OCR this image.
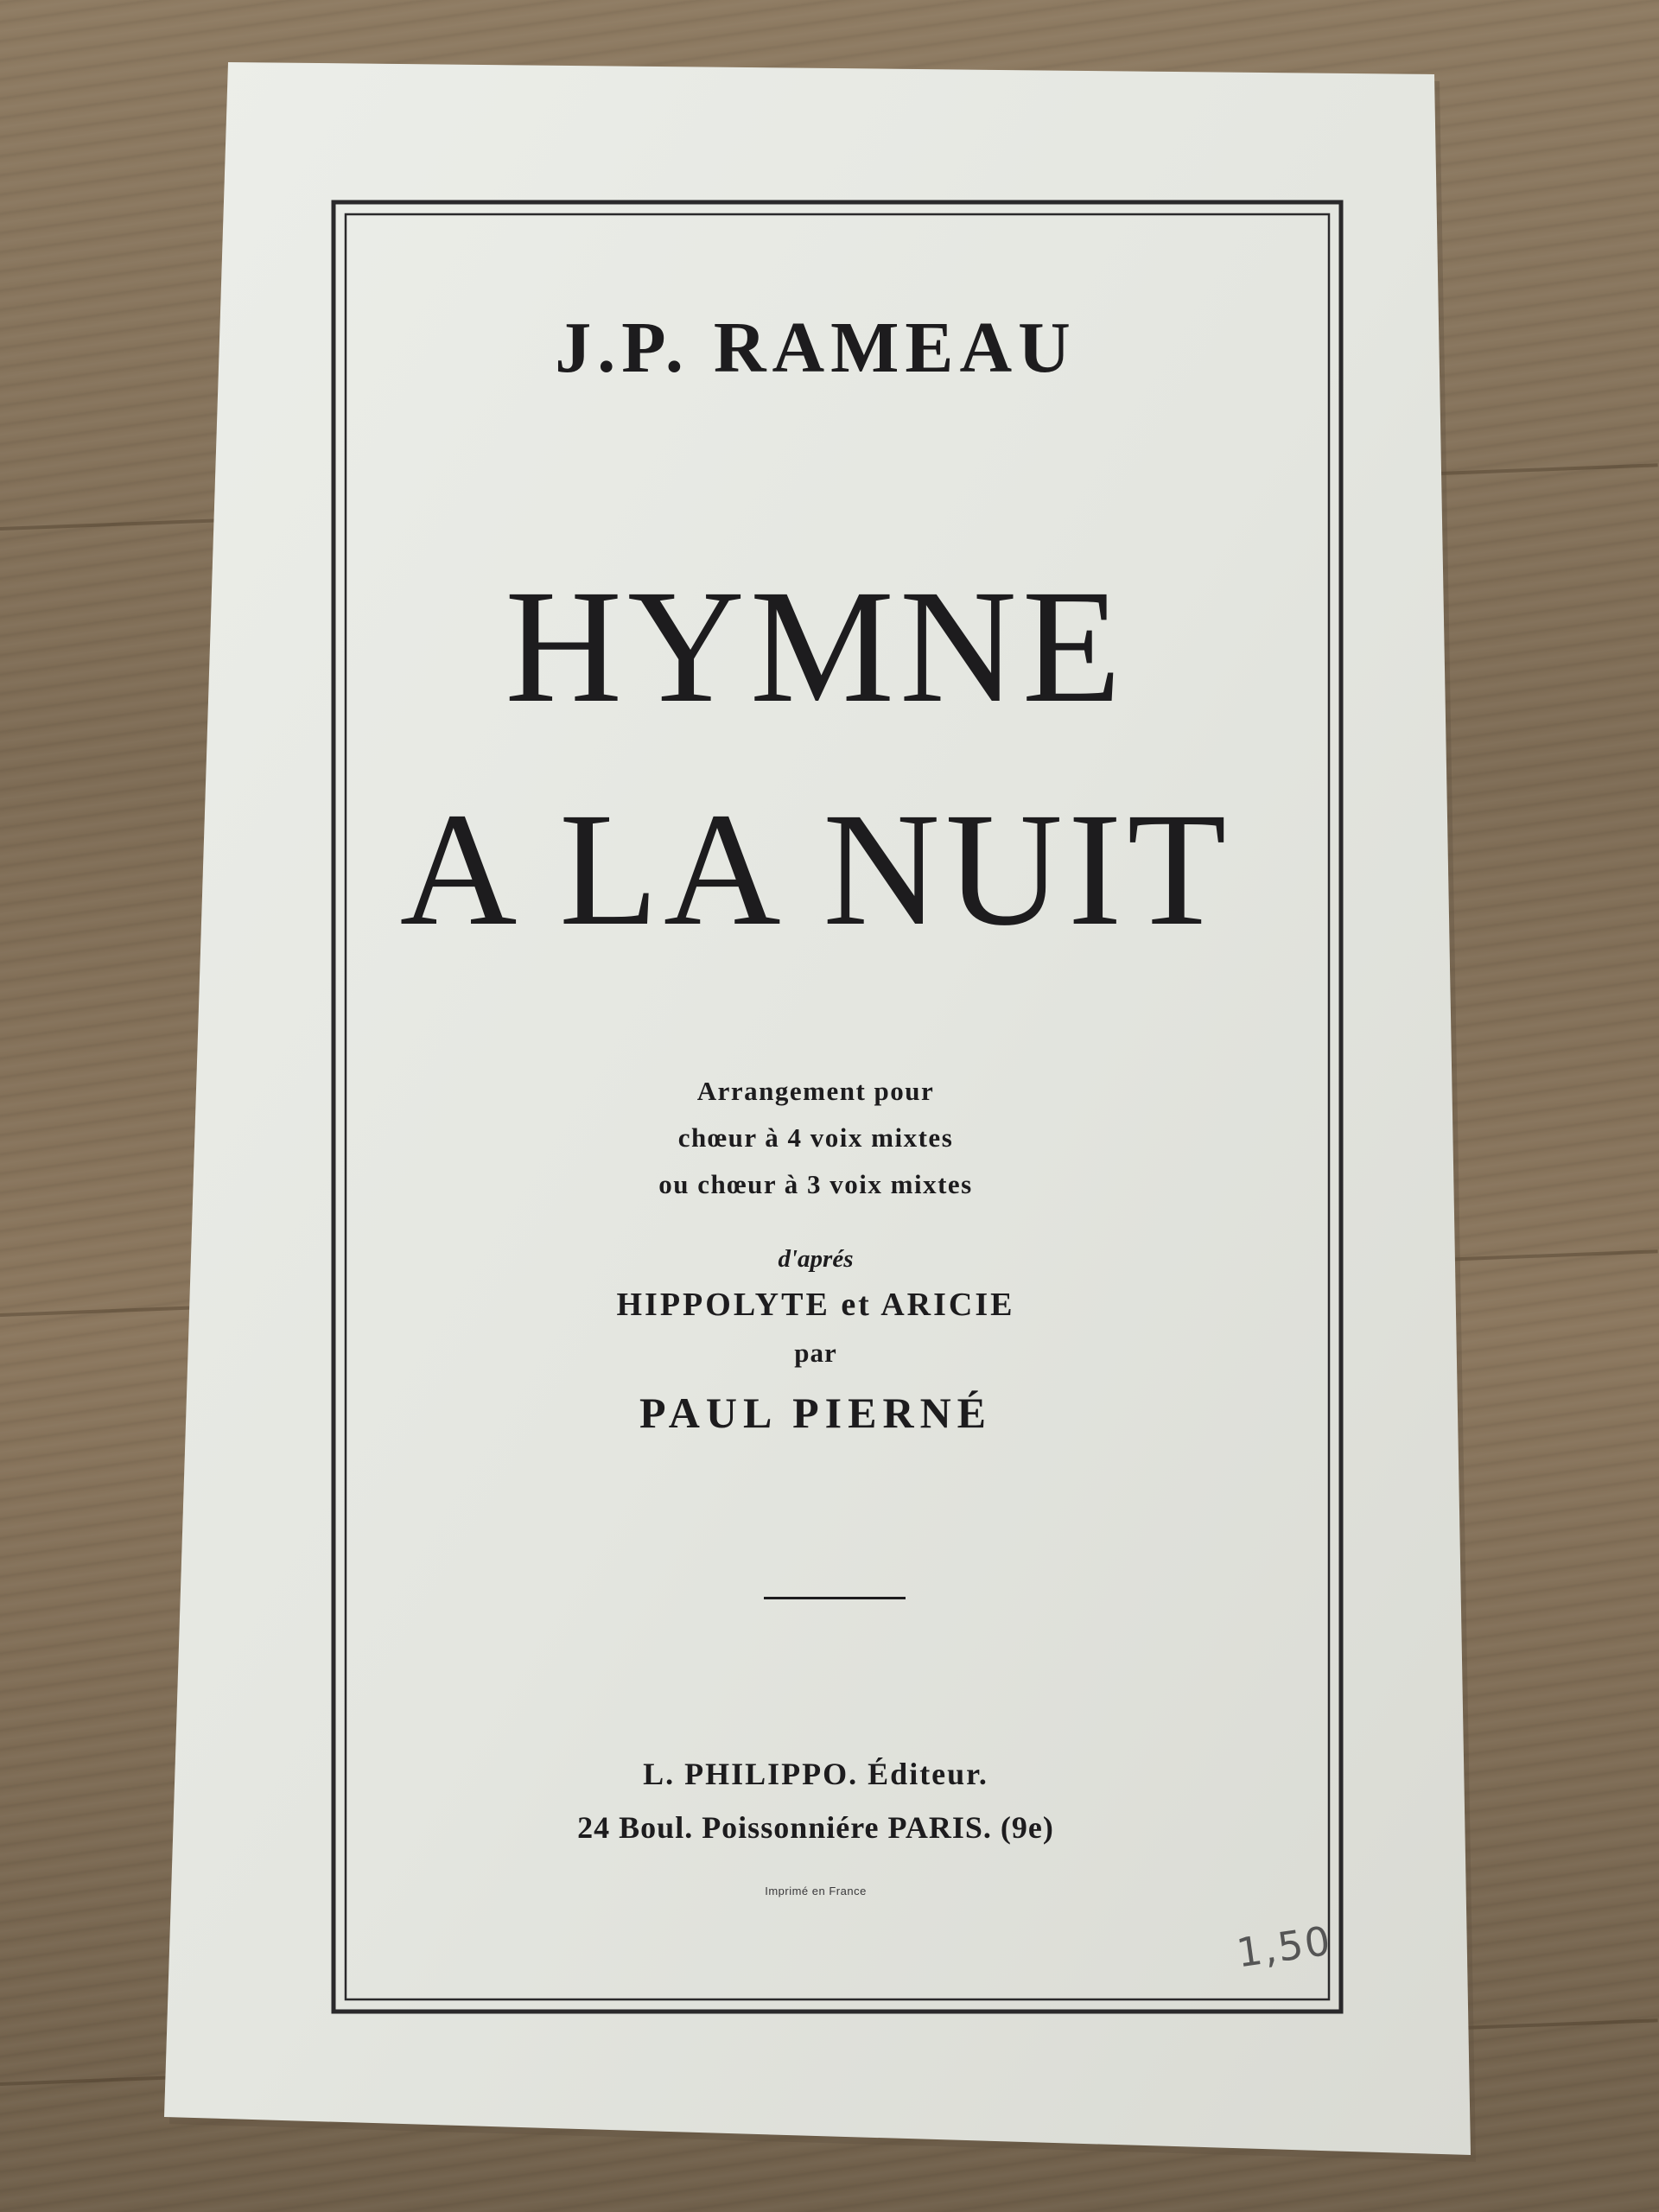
J.P. RAMEAU
HYMNE
A LA NUIT
Arrangement pour
chœur à 4 voix mixtes
ou chœur à 3 voix mixtes
d'aprés
HIPPOLYTE et ARICIE
par
PAUL PIERNÉ
L. PHILIPPO. Éditeur.
24 Boul. Poissonniére PARIS. (9e)
Imprimé en France
1,50
